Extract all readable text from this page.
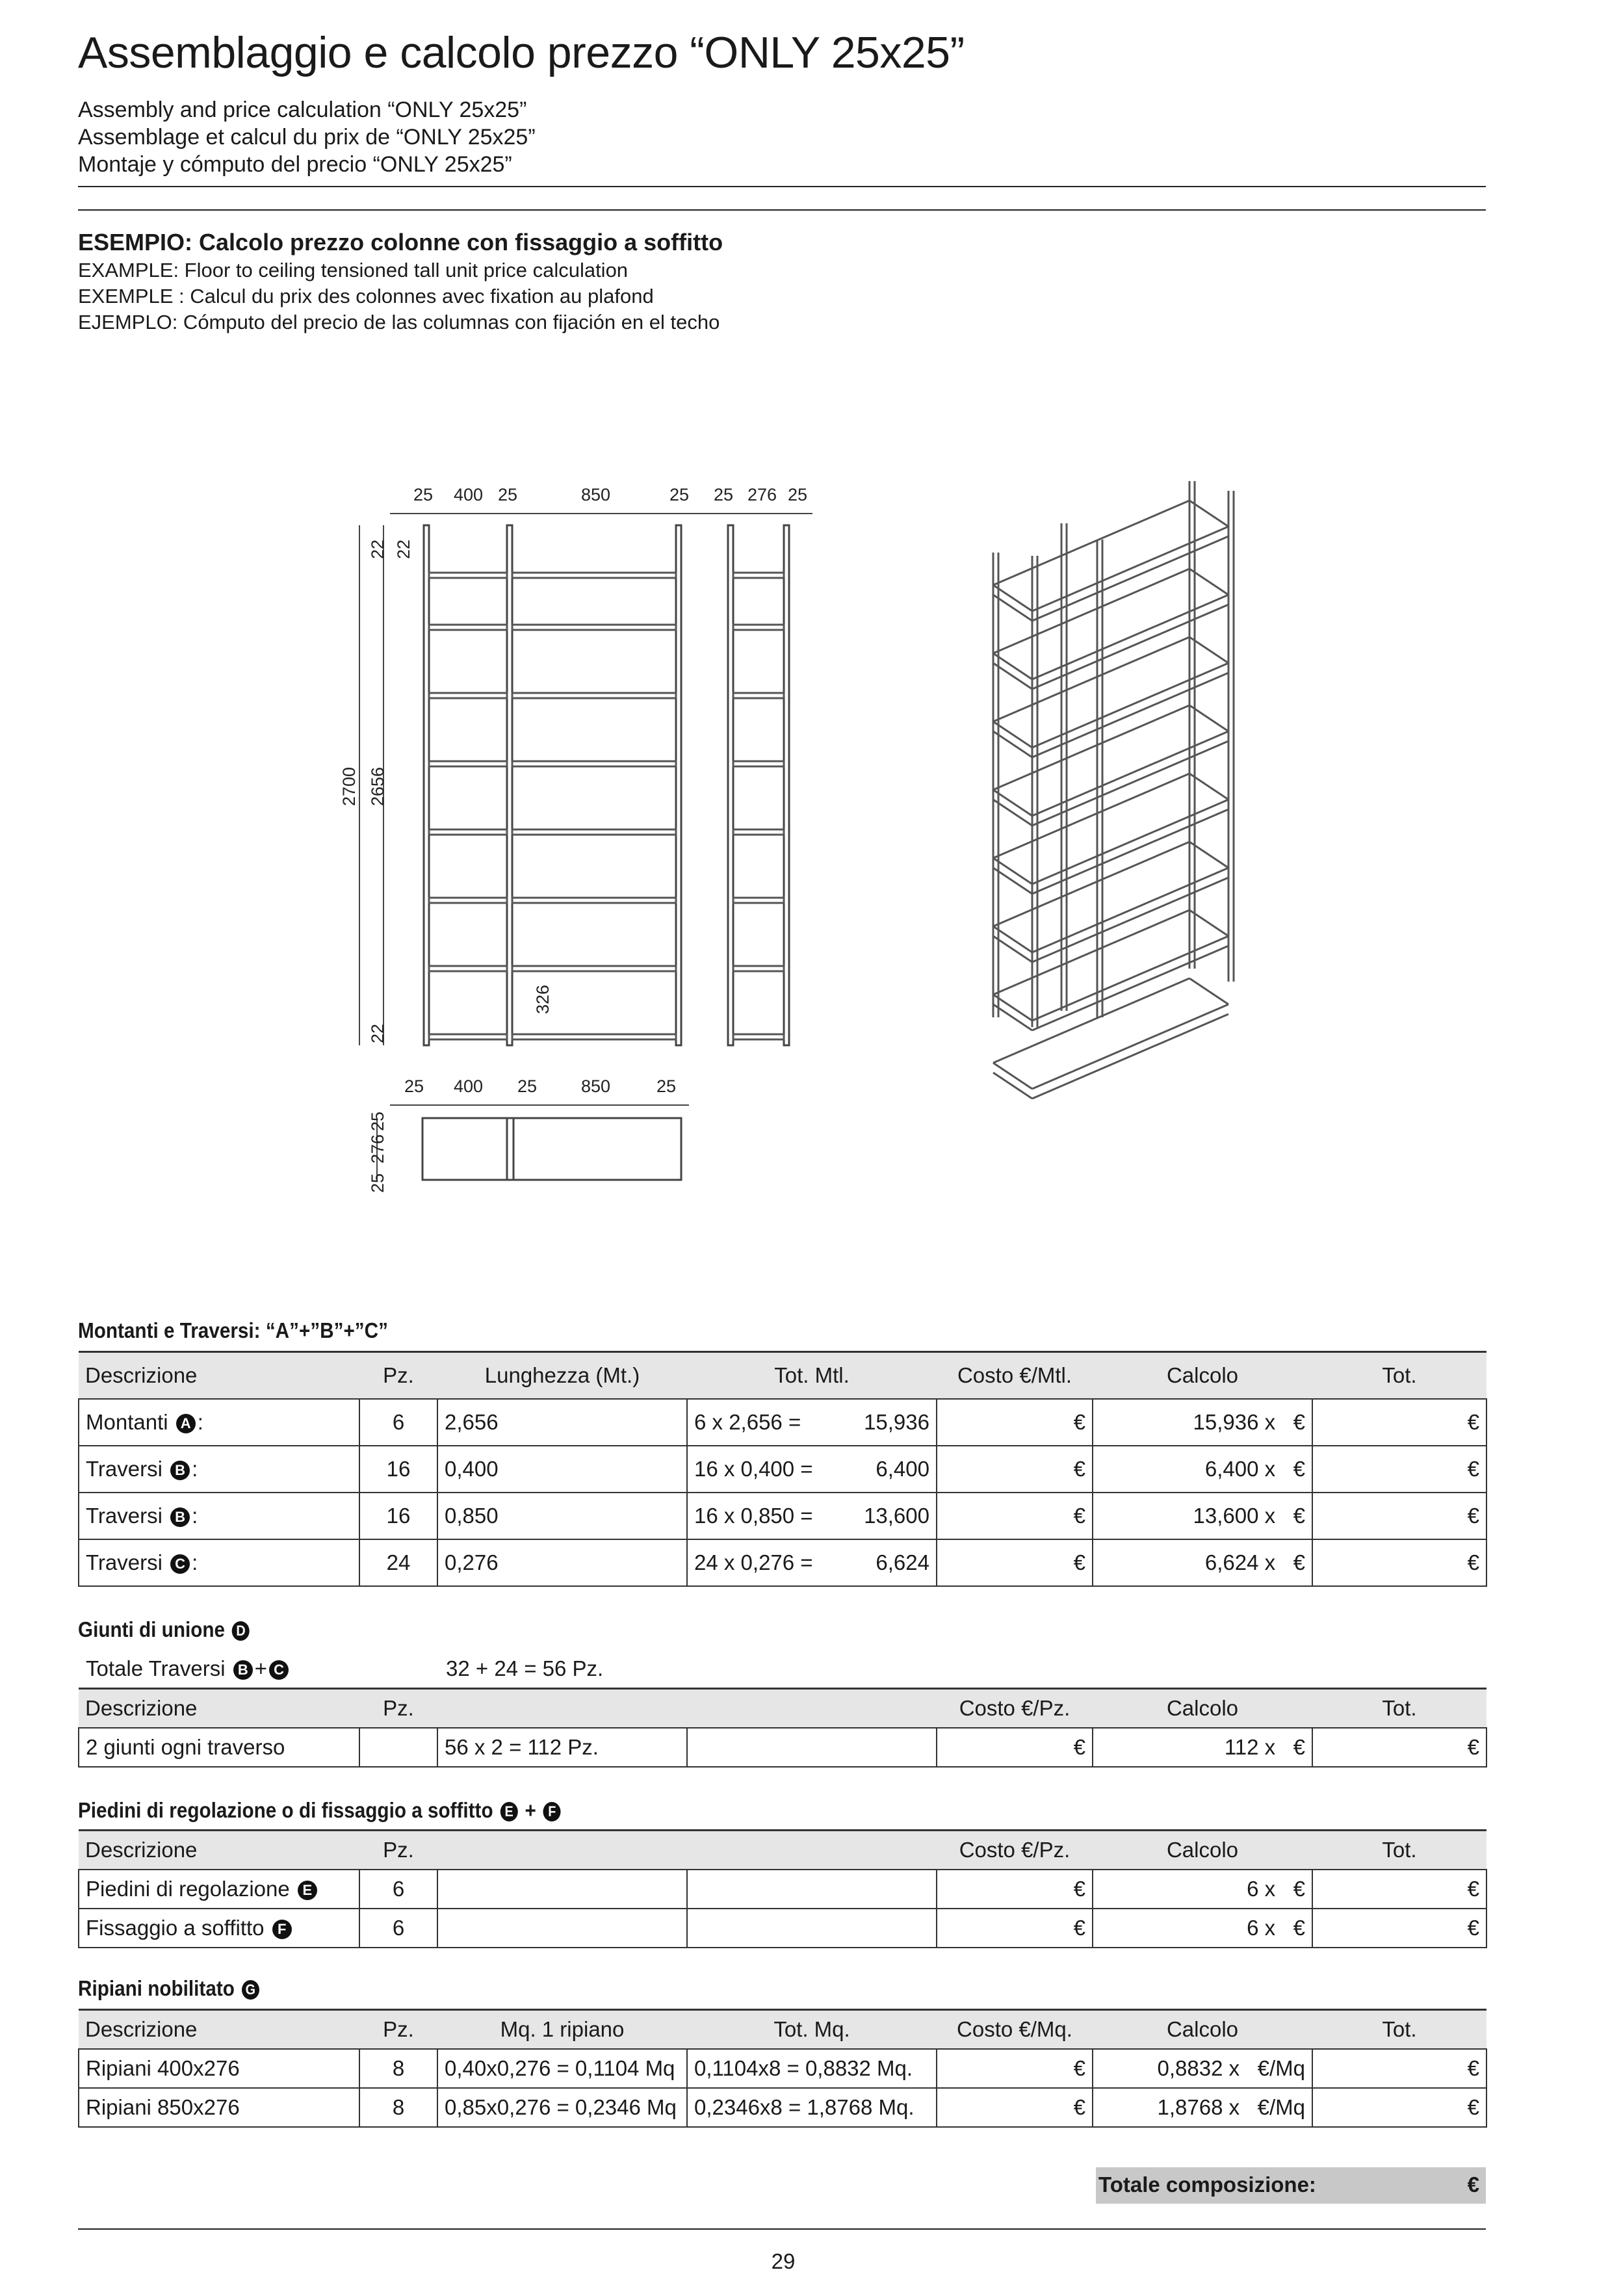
Assemblaggio e calcolo prezzo “ONLY 25x25”
Assembly and price calculation “ONLY 25x25”
Assemblage et calcul du prix de “ONLY 25x25”
Montaje y cómputo del precio “ONLY 25x25”
ESEMPIO: Calcolo prezzo colonne con fissaggio a soffitto
EXAMPLE: Floor to ceiling tensioned tall unit price calculation
EXEMPLE : Calcul du prix des colonnes avec fixation au plafond
EJEMPLO: Cómputo del precio de las columnas con fijación en el techo
25 400 25	850	25 25 276 25
2700 2656
22 22
22
326
25 400 25	850	25
25
276
25
Montanti e Traversi: “A”+”B”+”C”
Descrizione	Pz.	Lunghezza (Mt.)	Tot. Mtl.	Costo €/Mtl.	Calcolo	Tot.
Montanti A :	6	2,656	6 x 2,656 = 15,936	€	15,936 x €	€
Traversi B :	16	0,400	16 x 0,400 = 6,400	€	6,400 x €	€
Traversi B :	16	0,850	16 x 0,850 = 13,600	€	13,600 x €	€
Traversi C :	24	0,276	24 x 0,276 = 6,624	€	6,624 x €	€
Giunti di unione D
Totale Traversi B + C	32 + 24 = 56 Pz.
Descrizione	Pz.			Costo €/Pz.	Calcolo	Tot.
2 giunti ogni traverso		56 x 2 = 112 Pz.		€	112 x €	€
Piedini di regolazione o di fissaggio a soffitto E + F
Descrizione	Pz.			Costo €/Pz.	Calcolo	Tot.
Piedini di regolazione E	6			€	6 x €	€
Fissaggio a soffitto F	6			€	6 x €	€
Ripiani nobilitato G
Descrizione	Pz.	Mq. 1 ripiano	Tot. Mq.	Costo €/Mq.	Calcolo	Tot.
Ripiani 400x276	8	0,40x0,276 = 0,1104 Mq	0,1104x8 = 0,8832 Mq.	€	0,8832 x €/Mq	€
Ripiani 850x276	8	0,85x0,276 = 0,2346 Mq	0,2346x8 = 1,8768 Mq.	€	1,8768 x €/Mq	€
Totale composizione:	€
29
